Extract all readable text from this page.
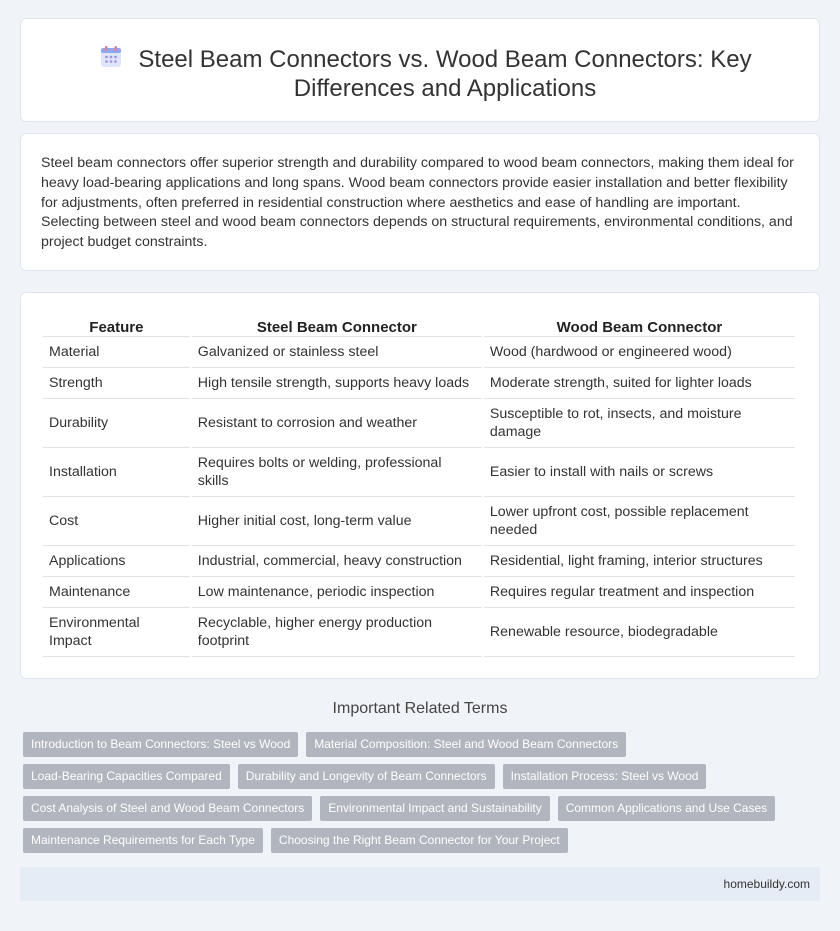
Steel Beam Connectors vs. Wood Beam Connectors: Key Differences and Applications

Steel beam connectors offer superior strength and durability compared to wood beam connectors, making them ideal for heavy load-bearing applications and long spans. Wood beam connectors provide easier installation and better flexibility for adjustments, often preferred in residential construction where aesthetics and ease of handling are important. Selecting between steel and wood beam connectors depends on structural requirements, environmental conditions, and project budget constraints.

Feature	Steel Beam Connector	Wood Beam Connector
Material	Galvanized or stainless steel	Wood (hardwood or engineered wood)
Strength	High tensile strength, supports heavy loads	Moderate strength, suited for lighter loads
Durability	Resistant to corrosion and weather	Susceptible to rot, insects, and moisture damage
Installation	Requires bolts or welding, professional skills	Easier to install with nails or screws
Cost	Higher initial cost, long-term value	Lower upfront cost, possible replacement needed
Applications	Industrial, commercial, heavy construction	Residential, light framing, interior structures
Maintenance	Low maintenance, periodic inspection	Requires regular treatment and inspection
Environmental Impact	Recyclable, higher energy production footprint	Renewable resource, biodegradable
Important Related Terms
Introduction to Beam Connectors: Steel vs Wood	Material Composition: Steel and Wood Beam Connectors
Load-Bearing Capacities Compared	Durability and Longevity of Beam Connectors	Installation Process: Steel vs Wood
Cost Analysis of Steel and Wood Beam Connectors	Environmental Impact and Sustainability	Common Applications and Use Cases
Maintenance Requirements for Each Type	Choosing the Right Beam Connector for Your Project
homebuildy.com
